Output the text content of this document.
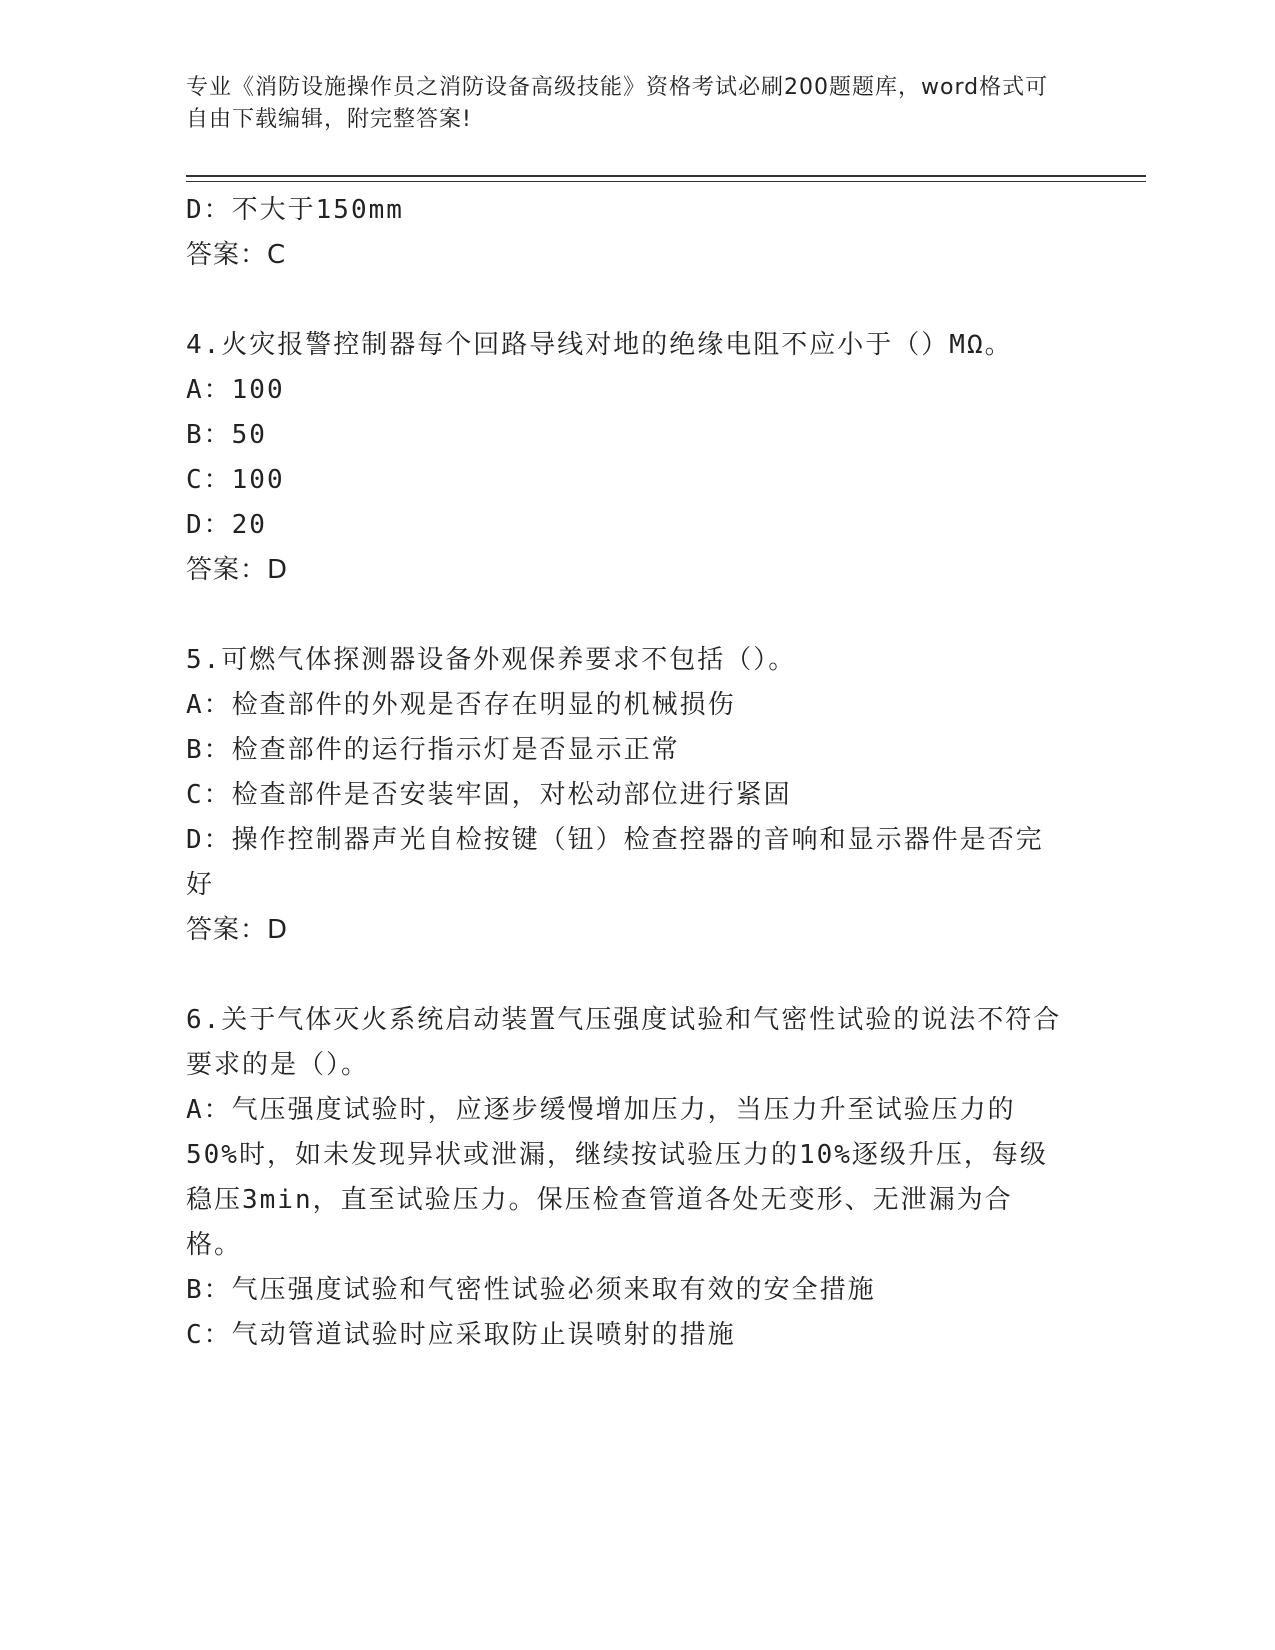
专业《消防设施操作员之消防设备高级技能》资格考试必刷200题题库，word格式可自由下载编辑，附完整答案!
D：不大于150mm
答案：C
4.火灾报警控制器每个回路导线对地的绝缘电阻不应小于（）MΩ。
A：100
B：50
C：100
D：20
答案：D
5.可燃气体探测器设备外观保养要求不包括（）。
A：检查部件的外观是否存在明显的机械损伤
B：检查部件的运行指示灯是否显示正常
C：检查部件是否安装牢固，对松动部位进行紧固
D：操作控制器声光自检按键（钮）检查控器的音响和显示器件是否完好
答案：D
6.关于气体灭火系统启动装置气压强度试验和气密性试验的说法不符合要求的是（）。
A：气压强度试验时，应逐步缓慢增加压力，当压力升至试验压力的50%时，如未发现异状或泄漏，继续按试验压力的10%逐级升压，每级稳压3min，直至试验压力。保压检查管道各处无变形、无泄漏为合格。
B：气压强度试验和气密性试验必须来取有效的安全措施
C：气动管道试验时应采取防止误喷射的措施
